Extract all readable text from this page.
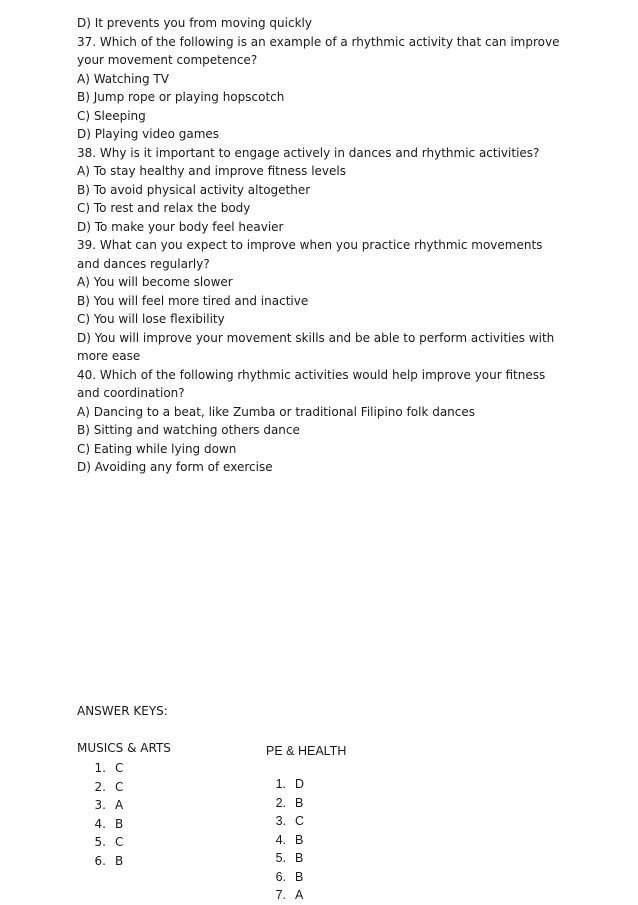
D) It prevents you from moving quickly
37. Which of the following is an example of a rhythmic activity that can improve your movement competence?
A) Watching TV
B) Jump rope or playing hopscotch
C) Sleeping
D) Playing video games
38. Why is it important to engage actively in dances and rhythmic activities?
A) To stay healthy and improve fitness levels
B) To avoid physical activity altogether
C) To rest and relax the body
D) To make your body feel heavier
39. What can you expect to improve when you practice rhythmic movements and dances regularly?
A) You will become slower
B) You will feel more tired and inactive
C) You will lose flexibility
D) You will improve your movement skills and be able to perform activities with more ease
40. Which of the following rhythmic activities would help improve your fitness and coordination?
A) Dancing to a beat, like Zumba or traditional Filipino folk dances
B) Sitting and watching others dance
C) Eating while lying down
D) Avoiding any form of exercise
ANSWER KEYS:
MUSICS & ARTS
1. C
2. C
3. A
4. B
5. C
6. B
PE & HEALTH
1. D
2. B
3. C
4. B
5. B
6. B
7. A
